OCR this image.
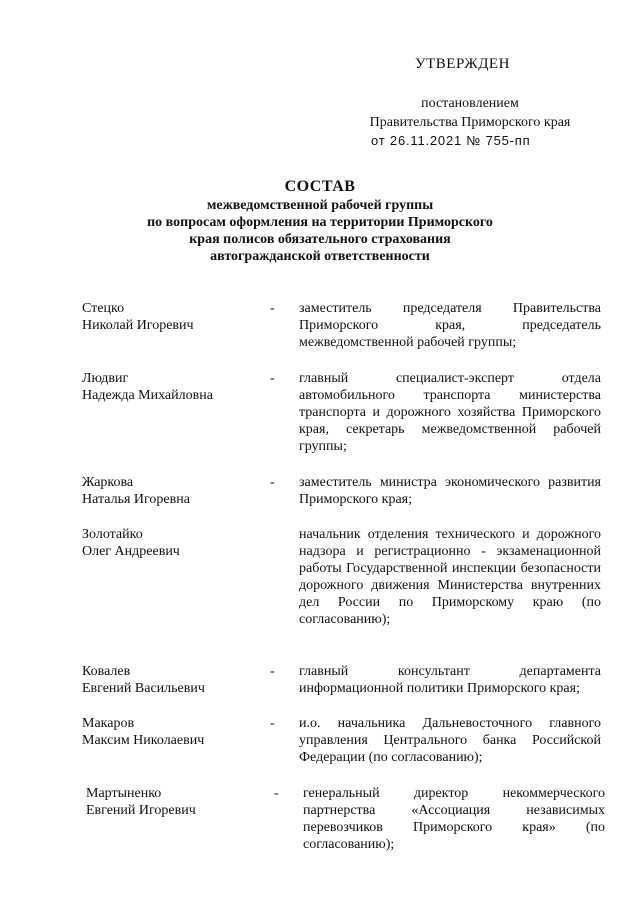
УТВЕРЖДЕН
постановлением
Правительства Приморского края
от 26.11.2021 № 755-пп
СОСТАВ
межведомственной рабочей группы
по вопросам оформления на территории Приморского
края полисов обязательного страхования
автогражданской ответственности
Стецко
Николай Игоревич
- заместитель председателя Правительства Приморского края, председатель межведомственной рабочей группы;
Людвиг
Надежда Михайловна
- главный специалист-эксперт отдела автомобильного транспорта министерства транспорта и дорожного хозяйства Приморского края, секретарь межведомственной рабочей группы;
Жаркова
Наталья Игоревна
- заместитель министра экономического развития Приморского края;
Золотайко
Олег Андреевич
начальник отделения технического и дорожного надзора и регистрационно - экзаменационной работы Государственной инспекции безопасности дорожного движения Министерства внутренних дел России по Приморскому краю (по согласованию);
Ковалев
Евгений Васильевич
- главный консультант департамента информационной политики Приморского края;
Макаров
Максим Николаевич
- и.о. начальника Дальневосточного главного управления Центрального банка Российской Федерации (по согласованию);
Мартыненко
Евгений Игоревич
- генеральный директор некоммерческого партнерства «Ассоциация независимых перевозчиков Приморского края» (по согласованию);
